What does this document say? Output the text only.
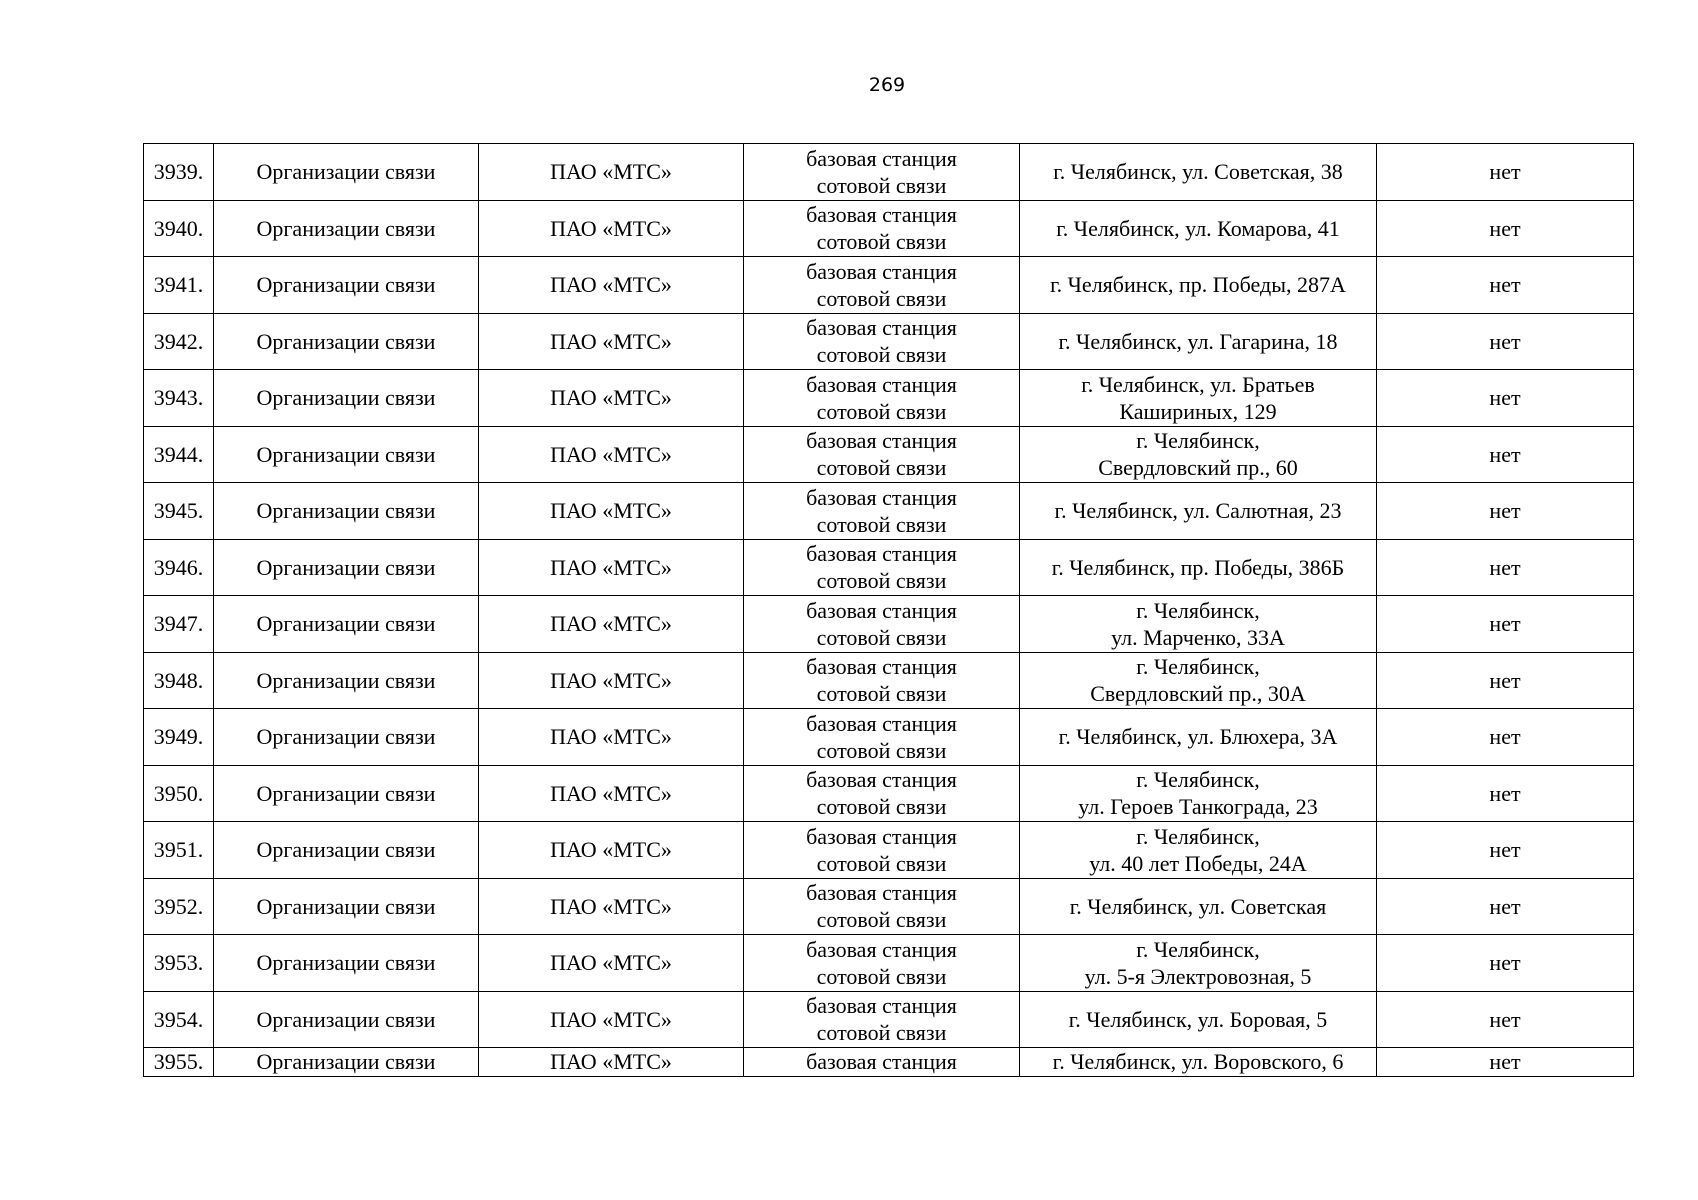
269
3939.	Организации связи	ПАО «МТС»	базовая станция
сотовой связи	г. Челябинск, ул. Советская, 38	нет
3940.	Организации связи	ПАО «МТС»	базовая станция
сотовой связи	г. Челябинск, ул. Комарова, 41	нет
3941.	Организации связи	ПАО «МТС»	базовая станция
сотовой связи	г. Челябинск, пр. Победы, 287А	нет
3942.	Организации связи	ПАО «МТС»	базовая станция
сотовой связи	г. Челябинск, ул. Гагарина, 18	нет
3943.	Организации связи	ПАО «МТС»	базовая станция
сотовой связи	г. Челябинск, ул. Братьев
Кашириных, 129	нет
3944.	Организации связи	ПАО «МТС»	базовая станция
сотовой связи	г. Челябинск,
Свердловский пр., 60	нет
3945.	Организации связи	ПАО «МТС»	базовая станция
сотовой связи	г. Челябинск, ул. Салютная, 23	нет
3946.	Организации связи	ПАО «МТС»	базовая станция
сотовой связи	г. Челябинск, пр. Победы, 386Б	нет
3947.	Организации связи	ПАО «МТС»	базовая станция
сотовой связи	г. Челябинск,
ул. Марченко, 33А	нет
3948.	Организации связи	ПАО «МТС»	базовая станция
сотовой связи	г. Челябинск,
Свердловский пр., 30А	нет
3949.	Организации связи	ПАО «МТС»	базовая станция
сотовой связи	г. Челябинск, ул. Блюхера, 3А	нет
3950.	Организации связи	ПАО «МТС»	базовая станция
сотовой связи	г. Челябинск,
ул. Героев Танкограда, 23	нет
3951.	Организации связи	ПАО «МТС»	базовая станция
сотовой связи	г. Челябинск,
ул. 40 лет Победы, 24А	нет
3952.	Организации связи	ПАО «МТС»	базовая станция
сотовой связи	г. Челябинск, ул. Советская	нет
3953.	Организации связи	ПАО «МТС»	базовая станция
сотовой связи	г. Челябинск,
ул. 5-я Электровозная, 5	нет
3954.	Организации связи	ПАО «МТС»	базовая станция
сотовой связи	г. Челябинск, ул. Боровая, 5	нет
3955.	Организации связи	ПАО «МТС»	базовая станция	г. Челябинск, ул. Воровского, 6	нет
